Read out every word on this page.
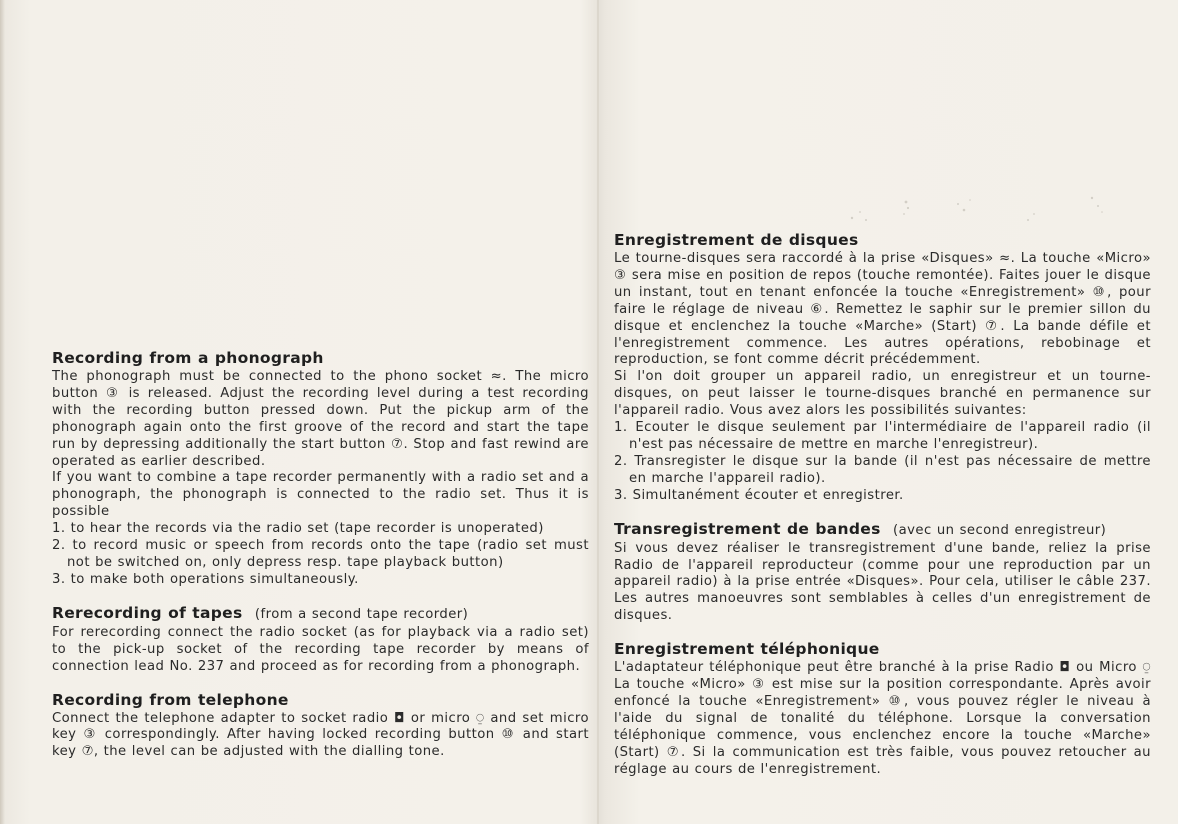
Recording from a phonograph

The phonograph must be connected to the phono socket ≈. The micro button ③ is released. Adjust the recording level during a test recording with the recording button pressed down. Put the pickup arm of the phonograph again onto the first groove of the record and start the tape run by depressing additionally the start button ⑦. Stop and fast rewind are operated as earlier described.

If you want to combine a tape recorder permanently with a radio set and a phonograph, the phonograph is connected to the radio set. Thus it is possible

1. to hear the records via the radio set (tape recorder is unoperated)

2. to record music or speech from records onto the tape (radio set must not be switched on, only depress resp. tape playback button)

3. to make both operations simultaneously.

Rerecording of tapes (from a second tape recorder)

For rerecording connect the radio socket (as for playback via a radio set) to the pick-up socket of the recording tape recorder by means of connection lead No. 237 and proceed as for recording from a phonograph.

Recording from telephone

Connect the telephone adapter to socket radio ◘ or micro ⍜ and set micro key ③ correspondingly. After having locked recording button ⑩ and start key ⑦, the level can be adjusted with the dialling tone.

Enregistrement de disques

Le tourne-disques sera raccordé à la prise «Disques» ≈. La touche «Micro» ③ sera mise en position de repos (touche remontée). Faites jouer le disque un instant, tout en tenant enfoncée la touche «Enregistrement» ⑩, pour faire le réglage de niveau ⑥. Remettez le saphir sur le premier sillon du disque et enclenchez la touche «Marche» (Start) ⑦. La bande défile et l'enregistrement commence. Les autres opérations, rebobinage et reproduction, se font comme décrit précédemment.

Si l'on doit grouper un appareil radio, un enregistreur et un tourne-disques, on peut laisser le tourne-disques branché en permanence sur l'appareil radio. Vous avez alors les possibilités suivantes:

1. Ecouter le disque seulement par l'intermédiaire de l'appareil radio (il n'est pas nécessaire de mettre en marche l'enregistreur).

2. Transregister le disque sur la bande (il n'est pas nécessaire de mettre en marche l'appareil radio).

3. Simultanément écouter et enregistrer.

Transregistrement de bandes (avec un second enregistreur)

Si vous devez réaliser le transregistrement d'une bande, reliez la prise Radio de l'appareil reproducteur (comme pour une reproduction par un appareil radio) à la prise entrée «Disques». Pour cela, utiliser le câble 237. Les autres manoeuvres sont semblables à celles d'un enregistrement de disques.

Enregistrement téléphonique

L'adaptateur téléphonique peut être branché à la prise Radio ◘ ou Micro ⍜ La touche «Micro» ③ est mise sur la position correspondante. Après avoir enfoncé la touche «Enregistrement» ⑩, vous pouvez régler le niveau à l'aide du signal de tonalité du téléphone. Lorsque la conversation téléphonique commence, vous enclenchez encore la touche «Marche» (Start) ⑦. Si la communication est très faible, vous pouvez retoucher au réglage au cours de l'enregistrement.
